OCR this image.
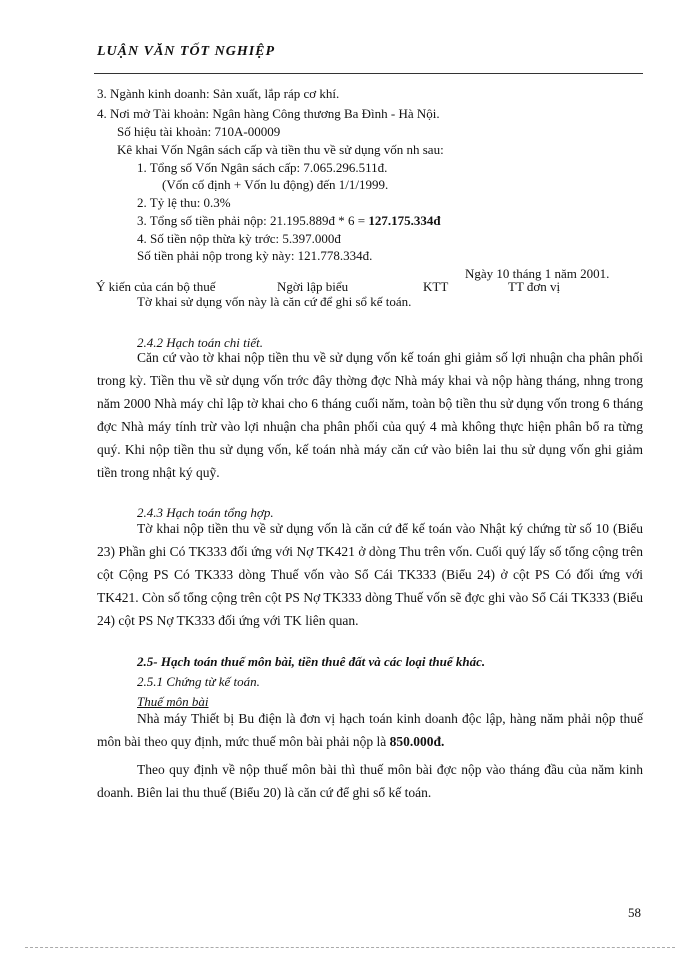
LUẬN VĂN TỐT NGHIỆP
3. Ngành kinh doanh: Sản xuất, lắp ráp cơ khí.
4. Nơi mở Tài khoản: Ngân hàng Công thương Ba Đình - Hà Nội.
Số hiệu tài khoản: 710A-00009
Kê khai Vốn Ngân sách cấp và tiền thu về sử dụng vốn nh sau:
1. Tổng số Vốn Ngân sách cấp: 7.065.296.511đ.
(Vốn cố định + Vốn lu động) đến 1/1/1999.
2. Tỷ lệ thu: 0.3%
3. Tổng số tiền phải nộp: 21.195.889đ * 6 = 127.175.334đ
4. Số tiền nộp thừa kỳ trớc: 5.397.000đ
Số tiền phải nộp trong kỳ này: 121.778.334đ.
Ngày 10 tháng 1 năm 2001.
Ý kiến của cán bộ thuế	Ngời lập biểu	KTT	TT đơn vị
Tờ khai sử dụng vốn này là căn cứ để ghi sổ kế toán.
2.4.2 Hạch toán chi tiết.
Căn cứ vào tờ khai nộp tiền thu về sử dụng vốn kế toán ghi giảm số lợi nhuận cha phân phối trong kỳ. Tiền thu về sử dụng vốn trớc đây thờng đợc Nhà máy khai và nộp hàng tháng, nhng trong năm 2000 Nhà máy chỉ lập tờ khai cho 6 tháng cuối năm, toàn bộ tiền thu sử dụng vốn trong 6 tháng đợc Nhà máy tính trừ vào lợi nhuận cha phân phối của quý 4 mà không thực hiện phân bổ ra từng quý. Khi nộp tiền thu sử dụng vốn, kế toán nhà máy căn cứ vào biên lai thu sử dụng vốn ghi giảm tiền trong nhật ký quỹ.
2.4.3 Hạch toán tổng hợp.
Tờ khai nộp tiền thu về sử dụng vốn là căn cứ để kế toán vào Nhật ký chứng từ số 10 (Biểu 23) Phần ghi Có TK333 đối ứng với Nợ TK421 ở dòng Thu trên vốn. Cuối quý lấy số tổng cộng trên cột Cộng PS Có TK333 dòng Thuế vốn vào Sổ Cái TK333 (Biểu 24) ở cột PS Có đối ứng với TK421. Còn số tổng cộng trên cột PS Nợ TK333 dòng Thuế vốn sẽ đợc ghi vào Sổ Cái TK333 (Biểu 24) cột PS Nợ TK333 đối ứng với TK liên quan.
2.5- Hạch toán thuế môn bài, tiền thuê đất và các loại thuế khác.
2.5.1 Chứng từ kế toán.
Thuế môn bài
Nhà máy Thiết bị Bu điện là đơn vị hạch toán kinh doanh độc lập, hàng năm phải nộp thuế môn bài theo quy định, mức thuế môn bài phải nộp là 850.000đ.
Theo quy định về nộp thuế môn bài thì thuế môn bài đợc nộp vào tháng đầu của năm kinh doanh. Biên lai thu thuế (Biểu 20) là căn cứ để ghi sổ kế toán.
58
